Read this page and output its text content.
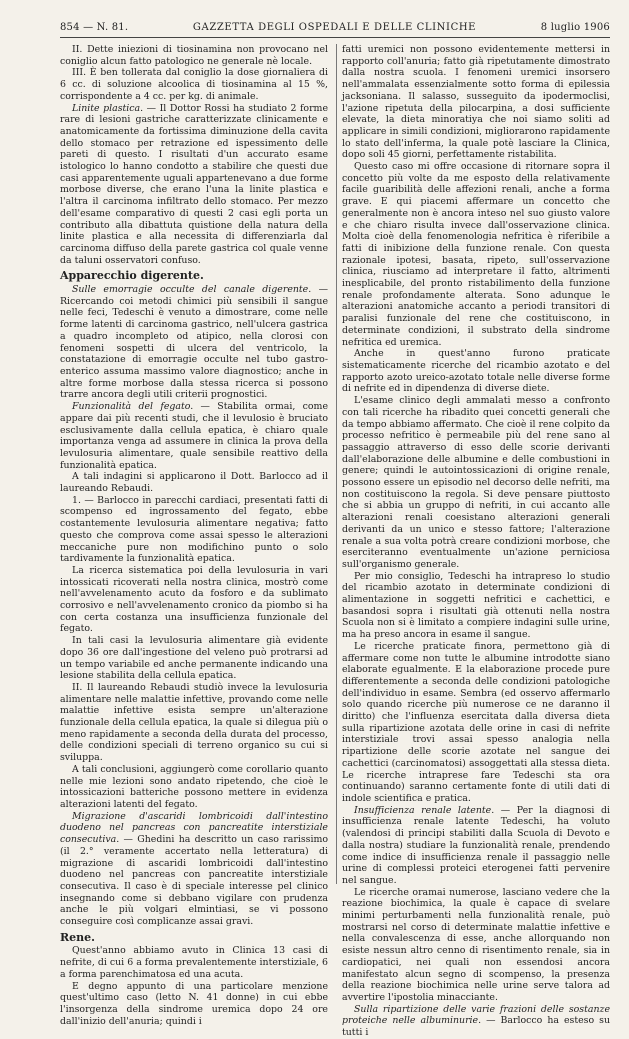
854 — N. 81.	GAZZETTA DEGLI OSPEDALI E DELLE CLINICHE	8 luglio 1906

II. Dette iniezioni di tiosinamina non provocano nel coniglio alcun fatto patologico ne generale nè locale.

III. È ben tollerata dal coniglio la dose giornaliera di 6 cc. di soluzione alcoolica di tiosinamina al 15 %, corrispondente a 4 cc. per kg. di animale.

Linite plastica. — Il Dottor Rossi ha studiato 2 forme rare di lesioni gastriche caratterizzate clinicamente e anatomicamente da fortissima diminuzione della cavita dello stomaco per retrazione ed ispessimento delle pareti di questo. I risultati d'un accurato esame istologico lo hanno condotto a stabilire che questi due casi apparentemente uguali appartenevano a due forme morbose diverse, che erano l'una la linite plastica e l'altra il carcinoma infiltrato dello stomaco. Per mezzo dell'esame comparativo di questi 2 casi egli porta un contributo alla dibattuta quistione della natura della linite plastica e alla necessita di differenziarla dal carcinoma diffuso della parete gastrica col quale venne da taluni osservatori confuso.

Apparecchio digerente.

Sulle emorragie occulte del canale digerente. — Ricercando coi metodi chimici più sensibili il sangue nelle feci, Tedeschi è venuto a dimostrare, come nelle forme latenti di carcinoma gastrico, nell'ulcera gastrica a quadro incompleto od atipico, nella clorosi con fenomeni sospetti di ulcera del ventricolo, la constatazione di emorragie occulte nel tubo gastro-enterico assuma massimo valore diagnostico; anche in altre forme morbose dalla stessa ricerca si possono trarre ancora degli utili criterii prognostici.

Funzionalità del fegato. — Stabilita ormai, come appare dai più recenti studi, che il levulosio è bruciato esclusivamente dalla cellula epatica, è chiaro quale importanza venga ad assumere in clinica la prova della levulosuria alimentare, quale sensibile reattivo della funzionalità epatica.

A tali indagini si applicarono il Dott. Barlocco ad il laureando Rebaudi.

1. — Barlocco in parecchi cardiaci, presentati fatti di scompenso ed ingrossamento del fegato, ebbe costantemente levulosuria alimentare negativa; fatto questo che comprova come assai spesso le alterazioni meccaniche pure non modifichino punto o solo tardivamente la funzionalità epatica.

La ricerca sistematica poi della levulosuria in vari intossicati ricoverati nella nostra clinica, mostrò come nell'avvelenamento acuto da fosforo e da sublimato corrosivo e nell'avvelenamento cronico da piombo si ha con certa costanza una insufficienza funzionale del fegato.

In tali casi la levulosuria alimentare già evidente dopo 36 ore dall'ingestione del veleno può protrarsi ad un tempo variabile ed anche permanente indicando una lesione stabilita della cellula epatica.

II. Il laureando Rebaudi studiò invece la levulosuria alimentare nelle malattie infettive, provando come nelle malattie infettive esista sempre un'alterazione funzionale della cellula epatica, la quale si dilegua più o meno rapidamente a seconda della durata del processo, delle condizioni speciali di terreno organico su cui si sviluppa.

A tali conclusioni, aggiungerò come corollario quanto nelle mie lezioni sono andato ripetendo, che cioè le intossicazioni batteriche possono mettere in evidenza alterazioni latenti del fegato.

Migrazione d'ascaridi lombricoidi dall'intestino duodeno nel pancreas con pancreatite interstiziale consecutiva. — Ghedini ha descritto un caso rarissimo (il 2.° veramente accertato nella letteratura) di migrazione di ascaridi lombricoidi dall'intestino duodeno nel pancreas con pancreatite interstiziale consecutiva. Il caso è di speciale interesse pel clinico insegnando come si debbano vigilare con prudenza anche le più volgari elmintiasi, se vi possono conseguire così complicanze assai gravi.

Rene.

Quest'anno abbiamo avuto in Clinica 13 casi di nefrite, di cui 6 a forma prevalentemente interstiziale, 6 a forma parenchimatosa ed una acuta.

E degno appunto di una particolare menzione quest'ultimo caso (letto N. 41 donne) in cui ebbe l'insorgenza della sindrome uremica dopo 24 ore dall'inizio dell'anuria; quindi i

fatti uremici non possono evidentemente mettersi in rapporto coll'anuria; fatto già ripetutamente dimostrato dalla nostra scuola. I fenomeni uremici insorsero nell'ammalata essenzialmente sotto forma di epilessia jacksoniana. Il salasso, susseguito da ipodermoclisi, l'azione ripetuta della pilocarpina, a dosi sufficiente elevate, la dieta minoratiya che noi siamo soliti ad applicare in simili condizioni, migliorarono rapidamente lo stato dell'inferma, la quale potè lasciare la Clinica, dopo soli 45 giorni, perfettamente ristabilita.

Questo caso mi offre occasione di ritornare sopra il concetto più volte da me esposto della relativamente facile guaribilità delle affezioni renali, anche a forma grave. E qui piacemi affermare un concetto che generalmente non è ancora inteso nel suo giusto valore e che chiaro risulta invece dall'osservazione clinica. Molta cioè della fenomenologia nefritica è riferibile a fatti di inibizione della funzione renale. Con questa razionale ipotesi, basata, ripeto, sull'osservazione clinica, riusciamo ad interpretare il fatto, altrimenti inesplicabile, del pronto ristabilimento della funzione renale profondamente alterata. Sono adunque le alterazioni anatomiche accanto a periodi transitori di paralisi funzionale del rene che costituiscono, in determinate condizioni, il substrato della sindrome nefritica ed uremica.

Anche in quest'anno furono praticate sistematicamente ricerche del ricambio azotato e del rapporto azoto ureico-azotato totale nelle diverse forme di nefrite ed in dipendenza di diverse diete.

L'esame clinico degli ammalati messo a confronto con tali ricerche ha ribadito quei concetti generali che da tempo abbiamo affermato. Che cioè il rene colpito da processo nefritico è permeabile più del rene sano al passaggio attraverso di esso delle scorie derivanti dall'elaborazione delle albumine e delle combustioni in genere; quindi le autointossicazioni di origine renale, possono essere un episodio nel decorso delle nefriti, ma non costituiscono la regola. Si deve pensare piuttosto che si abbia un gruppo di nefriti, in cui accanto alle alterazioni renali coesistano alterazioni generali derivanti da un unico e stesso fattore; l'alterazione renale a sua volta potrà creare condizioni morbose, che eserciteranno eventualmente un'azione perniciosa sull'organismo generale.

Per mio consiglio, Tedeschi ha intrapreso lo studio del ricambio azotato in determinate condizioni di alimentazione in soggetti nefritici e cachettici, e basandosi sopra i risultati già ottenuti nella nostra Scuola non si è limitato a compiere indagini sulle urine, ma ha preso ancora in esame il sangue.

Le ricerche praticate finora, permettono già di affermare come non tutte le albumine introdotte siano elaborate egualmente. E la elaborazione procede pure differentemente a seconda delle condizioni patologiche dell'individuo in esame. Sembra (ed osservo affermarlo solo quando ricerche più numerose ce ne daranno il diritto) che l'influenza esercitata dalla diversa dieta sulla ripartizione azotata delle orine in casi di nefrite interstiziale trovi assai spesso analogia nella ripartizione delle scorie azotate nel sangue dei cachettici (carcinomatosi) assoggettati alla stessa dieta. Le ricerche intraprese fare Tedeschi sta ora continuando) saranno certamente fonte di utili dati di indole scientifica e pratica.

Insufficienza renale latente. — Per la diagnosi di insufficienza renale latente Tedeschi, ha voluto (valendosi di principi stabiliti dalla Scuola di Devoto e dalla nostra) studiare la funzionalità renale, prendendo come indice di insufficienza renale il passaggio nelle urine di complessi proteici eterogenei fatti pervenire nel sangue.

Le ricerche oramai numerose, lasciano vedere che la reazione biochimica, la quale è capace di svelare minimi perturbamenti nella funzionalità renale, può mostrarsi nel corso di determinate malattie infettive e nella convalescenza di esse, anche allorquando non esiste nessun altro cenno di risentimento renale, sia in cardiopatici, nei quali non essendosi ancora manifestato alcun segno di scompenso, la presenza della reazione biochimica nelle urine serve talora ad avvertire l'ipostolia minacciante.

Sulla ripartizione delle varie frazioni delle sostanze proteiche nelle albuminurie. — Barlocco ha esteso su tutti i
